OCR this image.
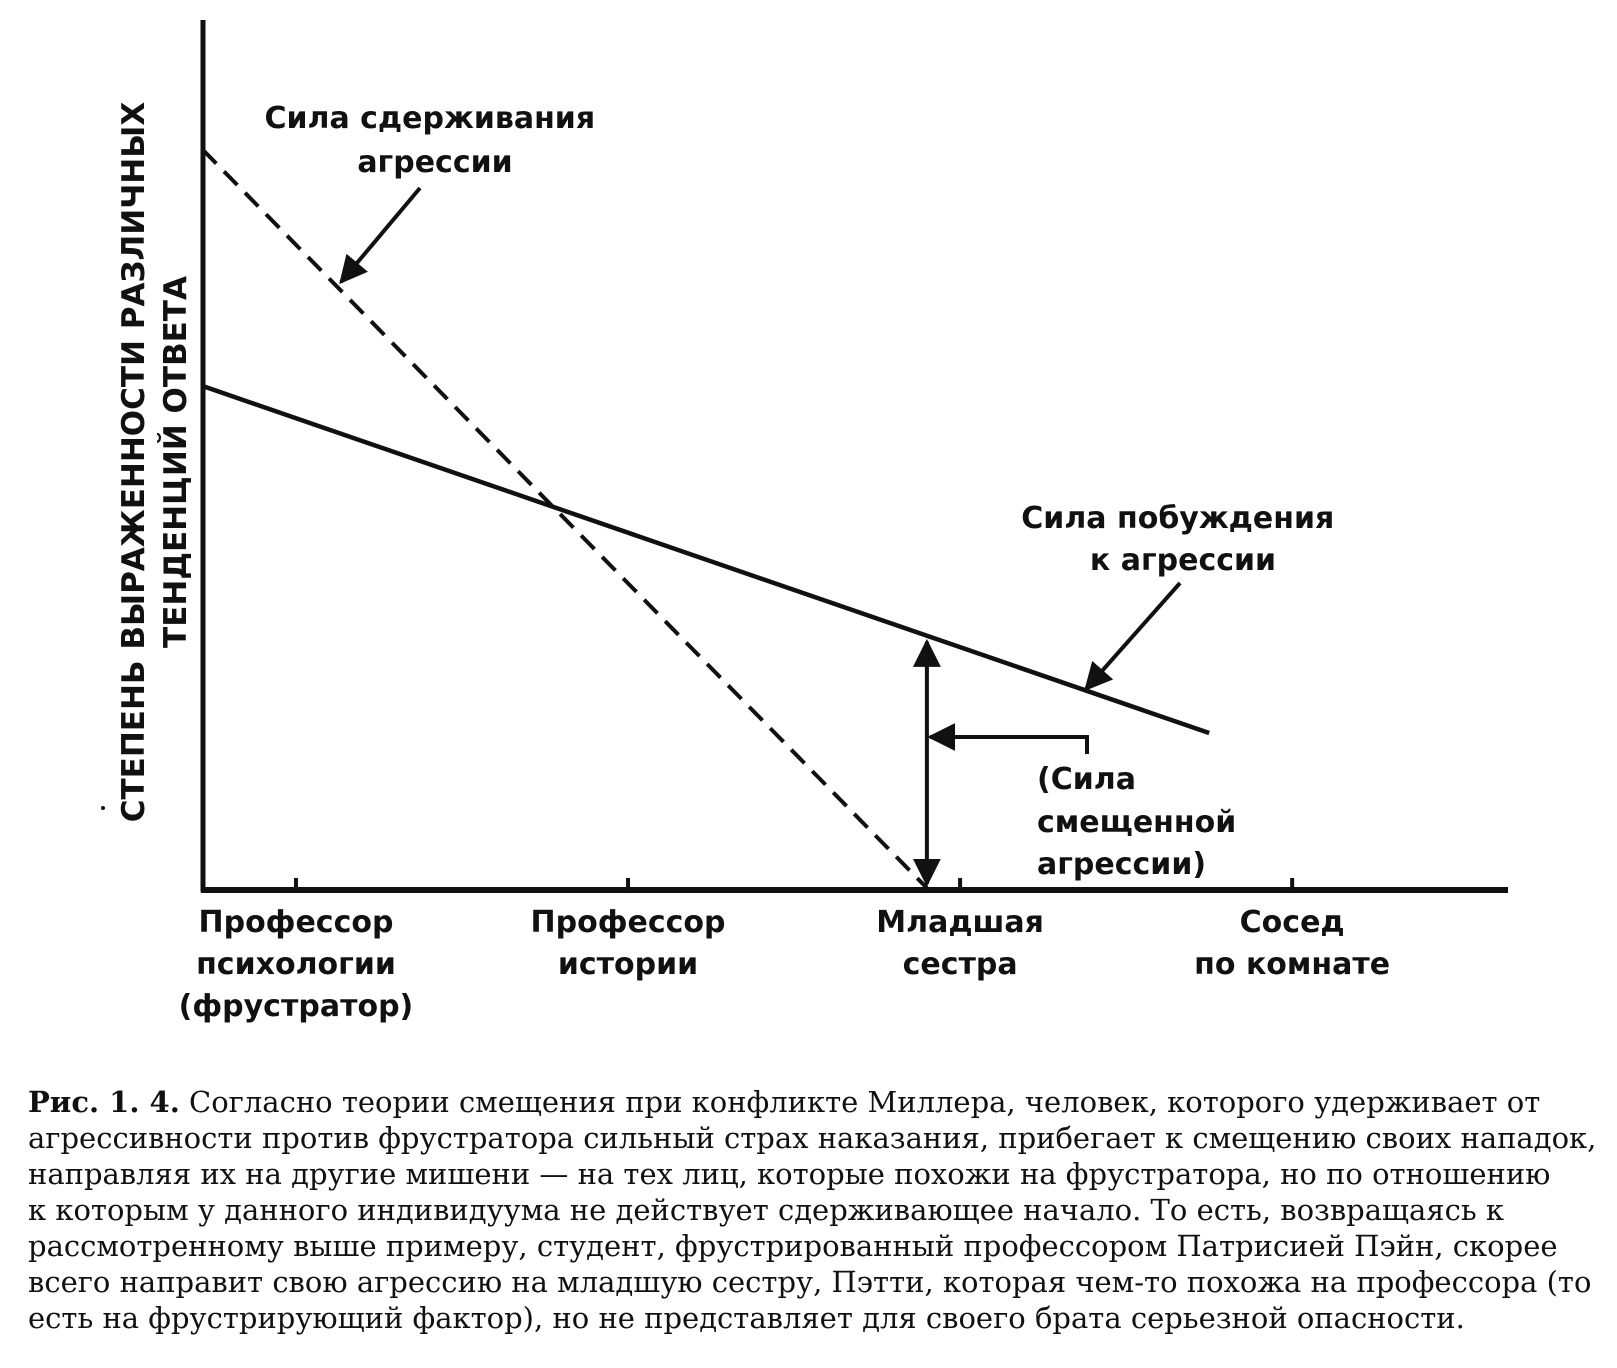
СТЕПЕНЬ ВЫРАЖЕННОСТИ РАЗЛИЧНЫХ ТЕНДЕНЦИЙ ОТВЕТА
Профессор психологии (фрустратор)
Профессор истории
Младшая сестра
Сосед по комнате
Сила сдерживания агрессии
Сила побуждения к агрессии
(Сила смещенной агрессии)
Рис. 1. 4. Согласно теории смещения при конфликте Миллера, человек, которого удерживает от
агрессивности против фрустратора сильный страх наказания, прибегает к смещению своих нападок,
направляя их на другие мишени — на тех лиц, которые похожи на фрустратора, но по отношению
к которым у данного индивидуума не действует сдерживающее начало. То есть, возвращаясь к
рассмотренному выше примеру, студент, фрустрированный профессором Патрисией Пэйн, скорее
всего направит свою агрессию на младшую сестру, Пэтти, которая чем-то похожа на профессора (то
есть на фрустрирующий фактор), но не представляет для своего брата серьезной опасности.
